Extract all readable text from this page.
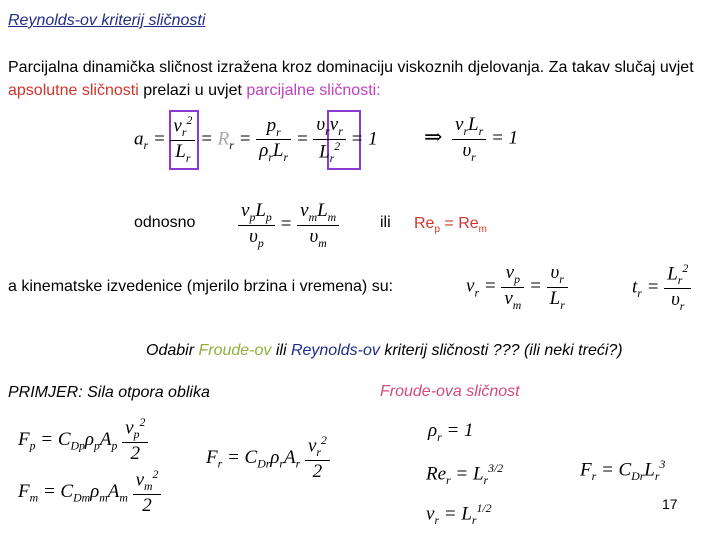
Reynolds-ov kriterij sličnosti
Parcijalna dinamička sličnost izražena kroz dominaciju viskoznih djelovanja. Za takav slučaj uvjet apsolutne sličnosti prelazi u uvjet parcijalne sličnosti:
$a_r = \frac{v_r^2}{L_r} = R_r = \frac{p_r}{\rho_rL_r} = \frac{\upsilon_rv_r}{L_r^2} = 1$ ⇒ $\frac{v_rL_r}{\upsilon_r} = 1$
odnosno $\frac{v_pL_p}{\upsilon_p} = \frac{v_mL_m}{\upsilon_m}$	ili $Re_p = Re_m$
a kinematske izvedenice (mjerilo brzina i vremena) su:	$v_r = \frac{v_p}{v_m} = \frac{\upsilon_r}{L_r}$	$t_r = \frac{L_r^2}{\upsilon_r}$
Odabir Froude-ov ili Reynolds-ov kriterij sličnosti ??? (ili neki treći?)
PRIMJER: Sila otpora oblika	Froude-ova sličnost
$F_p = C_{Dp}\rho_pA_p \frac{v_p^2}{2}$
$F_m = C_{Dm}\rho_mA_m \frac{v_m^2}{2}$
$F_r = C_{Dr}\rho_rA_r \frac{v_r^2}{2}$
$\rho_r = 1$
$Re_r = L_r^{3/2}$
$v_r = L_r^{1/2}$
$F_r = C_{Dr}L_r^3$
17
